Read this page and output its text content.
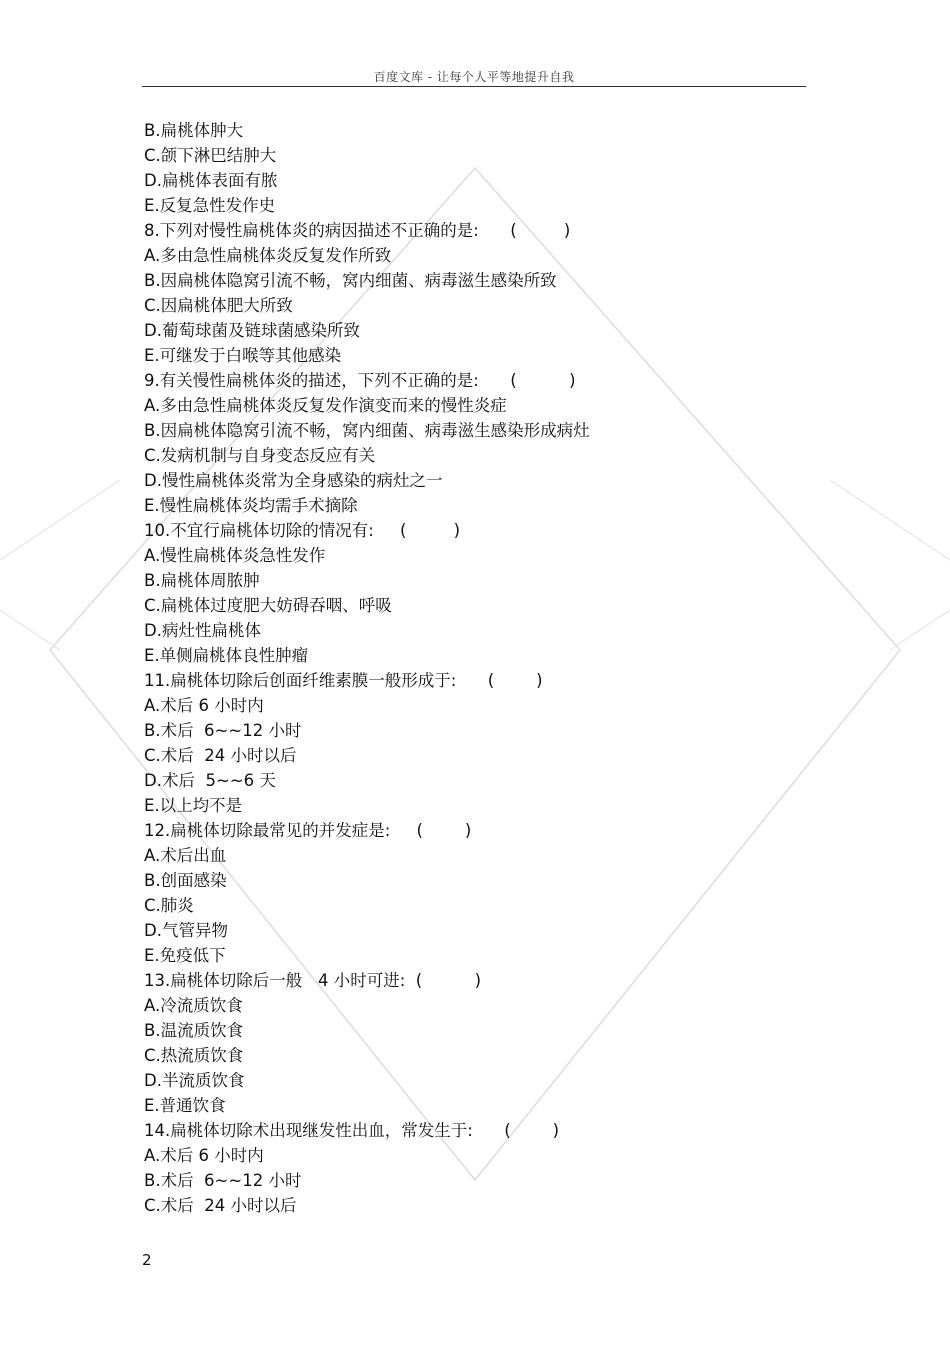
百度文库 - 让每个人平等地提升自我
B.扁桃体肿大
C.颌下淋巴结肿大
D.扁桃体表面有脓
E.反复急性发作史
8.下列对慢性扁桃体炎的病因描述不正确的是:      (         )
A.多由急性扁桃体炎反复发作所致
B.因扁桃体隐窝引流不畅，窝内细菌、病毒滋生感染所致
C.因扁桃体肥大所致
D.葡萄球菌及链球菌感染所致
E.可继发于白喉等其他感染
9.有关慢性扁桃体炎的描述，下列不正确的是:      (          )
A.多由急性扁桃体炎反复发作演变而来的慢性炎症
B.因扁桃体隐窝引流不畅，窝内细菌、病毒滋生感染形成病灶
C.发病机制与自身变态反应有关
D.慢性扁桃体炎常为全身感染的病灶之一
E.慢性扁桃体炎均需手术摘除
10.不宜行扁桃体切除的情况有:     (         )
A.慢性扁桃体炎急性发作
B.扁桃体周脓肿
C.扁桃体过度肥大妨碍吞咽、呼吸
D.病灶性扁桃体
E.单侧扁桃体良性肿瘤
11.扁桃体切除后创面纤维素膜一般形成于:      (        )
A.术后 6 小时内
B.术后  6~~12 小时
C.术后  24 小时以后
D.术后  5~~6 天
E.以上均不是
12.扁桃体切除最常见的并发症是:     (        )
A.术后出血
B.创面感染
C.肺炎
D.气管异物
E.免疫低下
13.扁桃体切除后一般   4 小时可进:  (          )
A.冷流质饮食
B.温流质饮食
C.热流质饮食
D.半流质饮食
E.普通饮食
14.扁桃体切除术出现继发性出血，常发生于:      (        )
A.术后 6 小时内
B.术后  6~~12 小时
C.术后  24 小时以后
2
